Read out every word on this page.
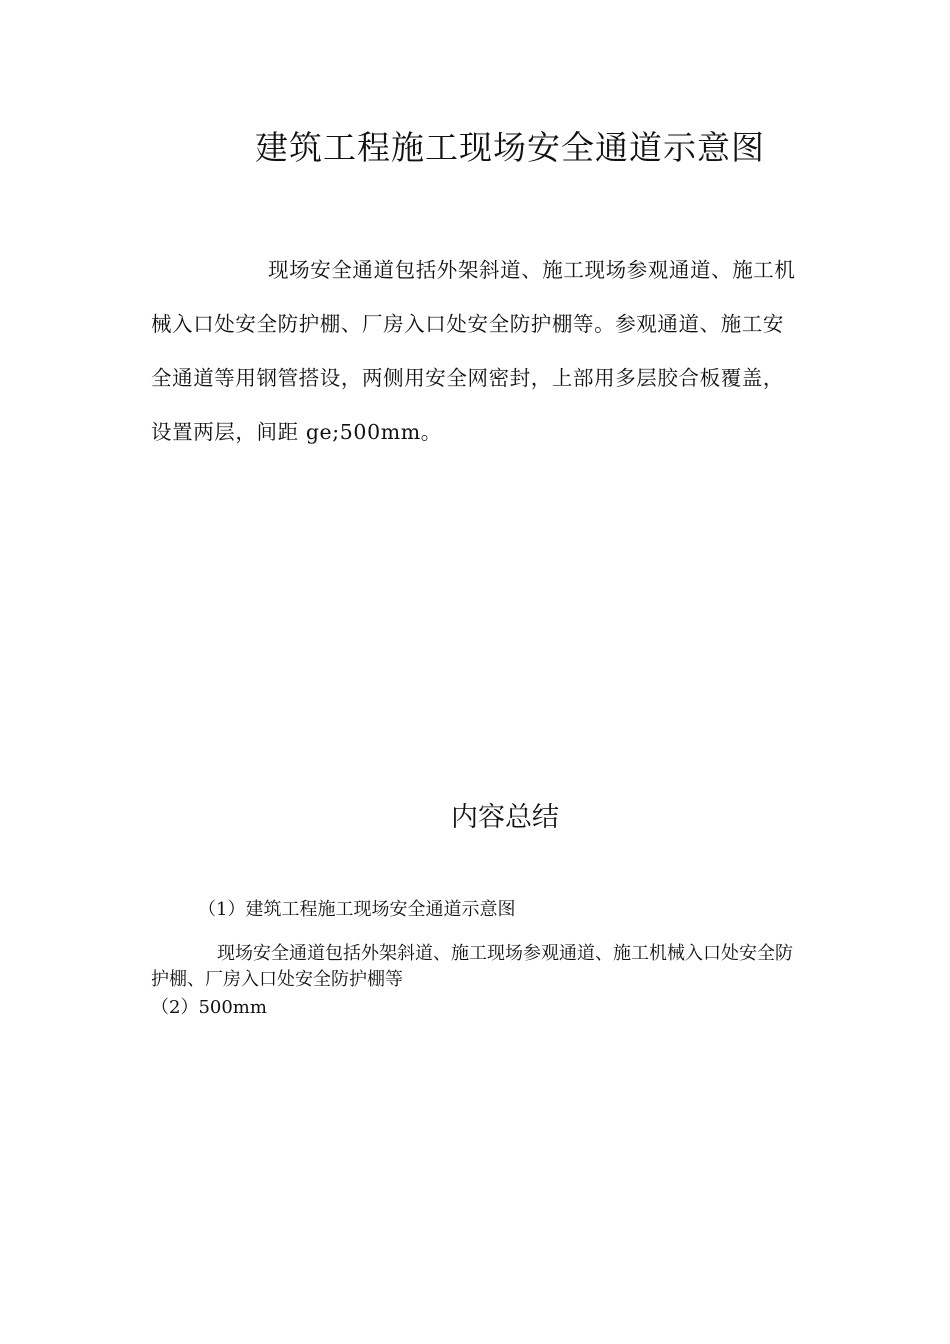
建筑工程施工现场安全通道示意图

现场安全通道包括外架斜道、施工现场参观通道、施工机械入口处安全防护棚、厂房入口处安全防护棚等。参观通道、施工安全通道等用钢管搭设，两侧用安全网密封，上部用多层胶合板覆盖，设置两层，间距 ge;500mm。

内容总结

（1）建筑工程施工现场安全通道示意图

现场安全通道包括外架斜道、施工现场参观通道、施工机械入口处安全防护棚、厂房入口处安全防护棚等

（2）500mm
